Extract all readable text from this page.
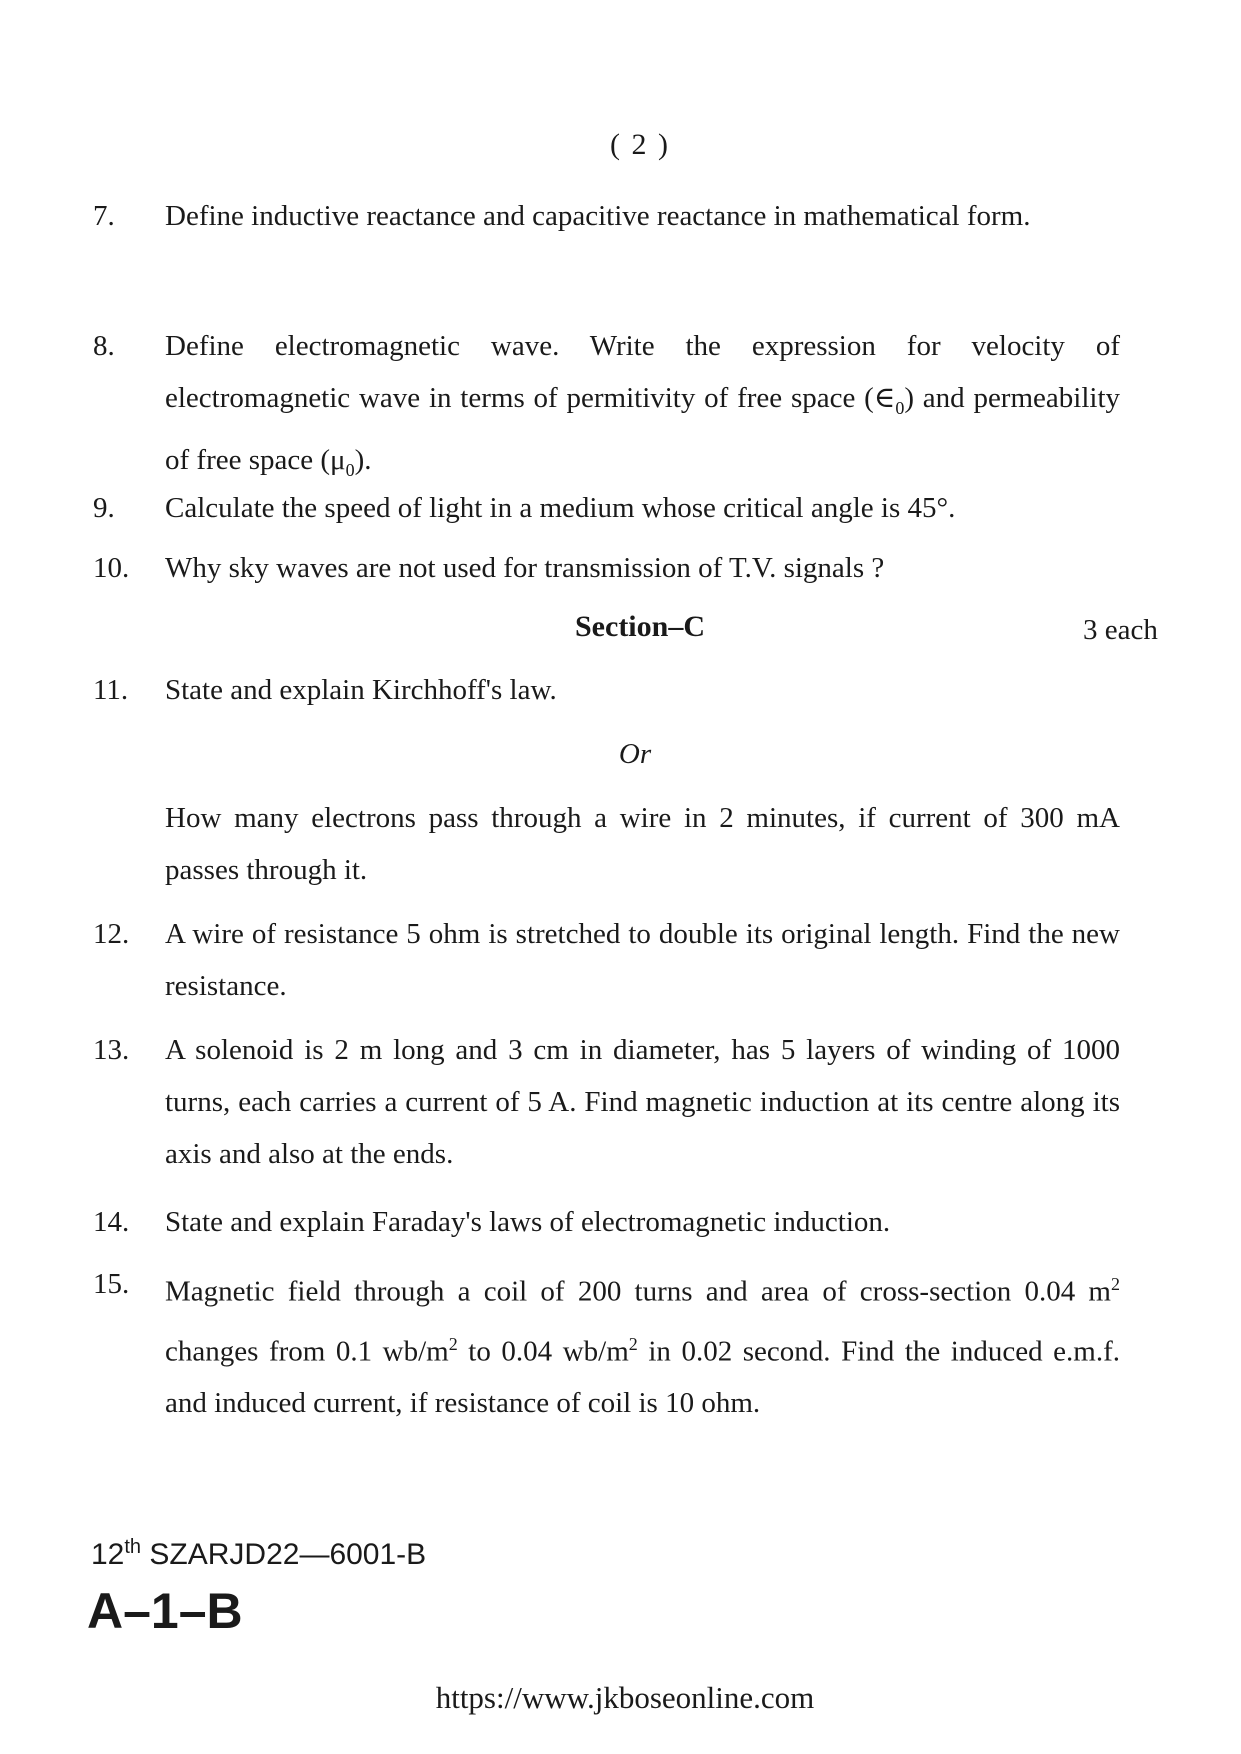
( 2 )
7.	Define inductive reactance and capacitive reactance in mathematical form.
8.	Define electromagnetic wave. Write the expression for velocity of electromagnetic wave in terms of permitivity of free space $(\in_0)$ and permeability of free space $(\mu_0)$.
9.	Calculate the speed of light in a medium whose critical angle is 45°.
10.	Why sky waves are not used for transmission of T.V. signals ?
Section–C	3 each
11.	State and explain Kirchhoff's law.
Or
How many electrons pass through a wire in 2 minutes, if current of 300 mA passes through it.
12.	A wire of resistance 5 ohm is stretched to double its original length. Find the new resistance.
13.	A solenoid is 2 m long and 3 cm in diameter, has 5 layers of winding of 1000 turns, each carries a current of 5 A. Find magnetic induction at its centre along its axis and also at the ends.
14.	State and explain Faraday's laws of electromagnetic induction.
15.	Magnetic field through a coil of 200 turns and area of cross-section 0.04 $m^2$ changes from 0.1 $wb/m^2$ to 0.04 $wb/m^2$ in 0.02 second. Find the induced e.m.f. and induced current, if resistance of coil is 10 ohm.
12th SZARJD22—6001-B
A–1–B
https://www.jkboseonline.com
